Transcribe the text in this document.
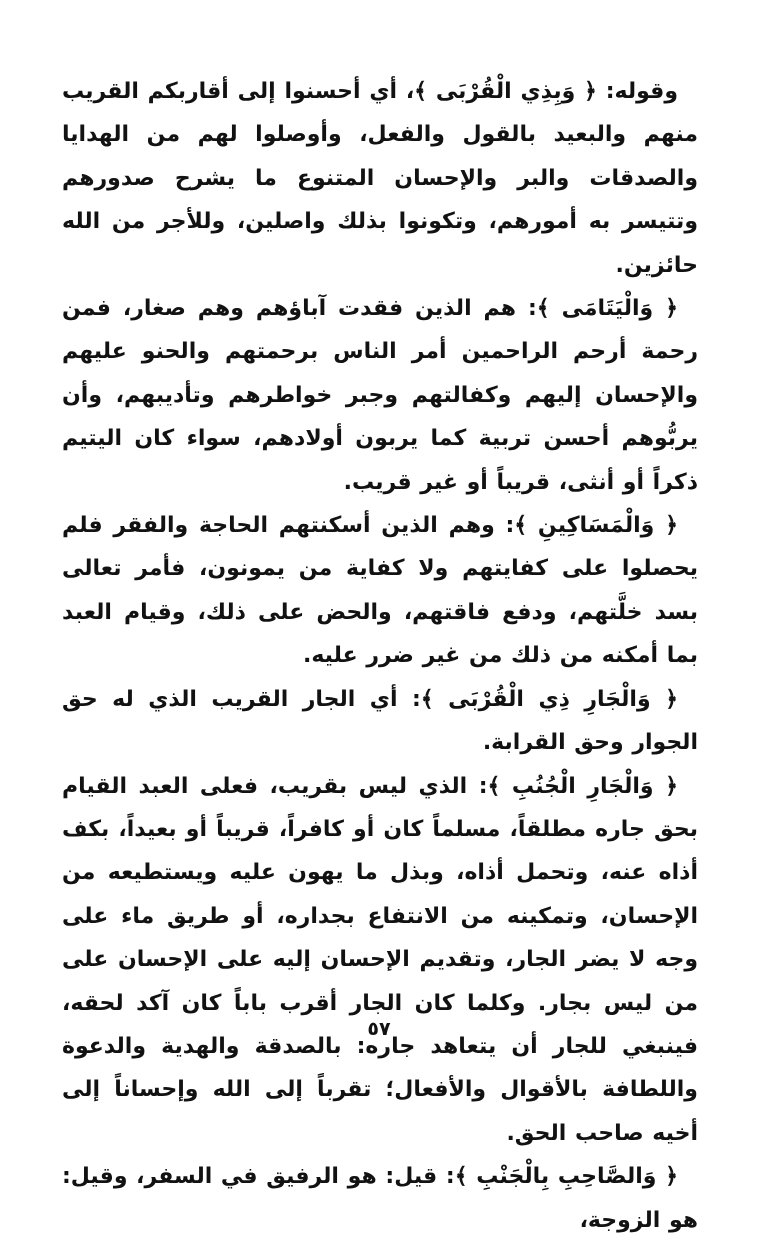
وقوله: ﴿ وَبِذِي الْقُرْبَى ﴾، أي أحسنوا إلى أقاربكم القريب منهم والبعيد بالقول والفعل، وأوصلوا لهم من الهدايا والصدقات والبر والإحسان المتنوع ما يشرح صدورهم وتتيسر به أمورهم، وتكونوا بذلك واصلين، وللأجر من الله حائزين.

﴿ وَالْيَتَامَى ﴾: هم الذين فقدت آباؤهم وهم صغار، فمن رحمة أرحم الراحمين أمر الناس برحمتهم والحنو عليهم والإحسان إليهم وكفالتهم وجبر خواطرهم وتأديبهم، وأن يربُّوهم أحسن تربية كما يربون أولادهم، سواء كان اليتيم ذكراً أو أنثى، قريباً أو غير قريب.

﴿ وَالْمَسَاكِينِ ﴾: وهم الذين أسكنتهم الحاجة والفقر فلم يحصلوا على كفايتهم ولا كفاية من يمونون، فأمر تعالى بسد خلَّتهم، ودفع فاقتهم، والحض على ذلك، وقيام العبد بما أمكنه من ذلك من غير ضرر عليه.

﴿ وَالْجَارِ ذِي الْقُرْبَى ﴾: أي الجار القريب الذي له حق الجوار وحق القرابة.

﴿ وَالْجَارِ الْجُنُبِ ﴾: الذي ليس بقريب، فعلى العبد القيام بحق جاره مطلقاً، مسلماً كان أو كافراً، قريباً أو بعيداً، بكف أذاه عنه، وتحمل أذاه، وبذل ما يهون عليه ويستطيعه من الإحسان، وتمكينه من الانتفاع بجداره، أو طريق ماء على وجه لا يضر الجار، وتقديم الإحسان إليه على الإحسان على من ليس بجار. وكلما كان الجار أقرب باباً كان آكد لحقه، فينبغي للجار أن يتعاهد جاره: بالصدقة والهدية والدعوة واللطافة بالأقوال والأفعال؛ تقرباً إلى الله وإحساناً إلى أخيه صاحب الحق.

﴿ وَالصَّاحِبِ بِالْجَنْبِ ﴾: قيل: هو الرفيق في السفر، وقيل: هو الزوجة،

٥٧
